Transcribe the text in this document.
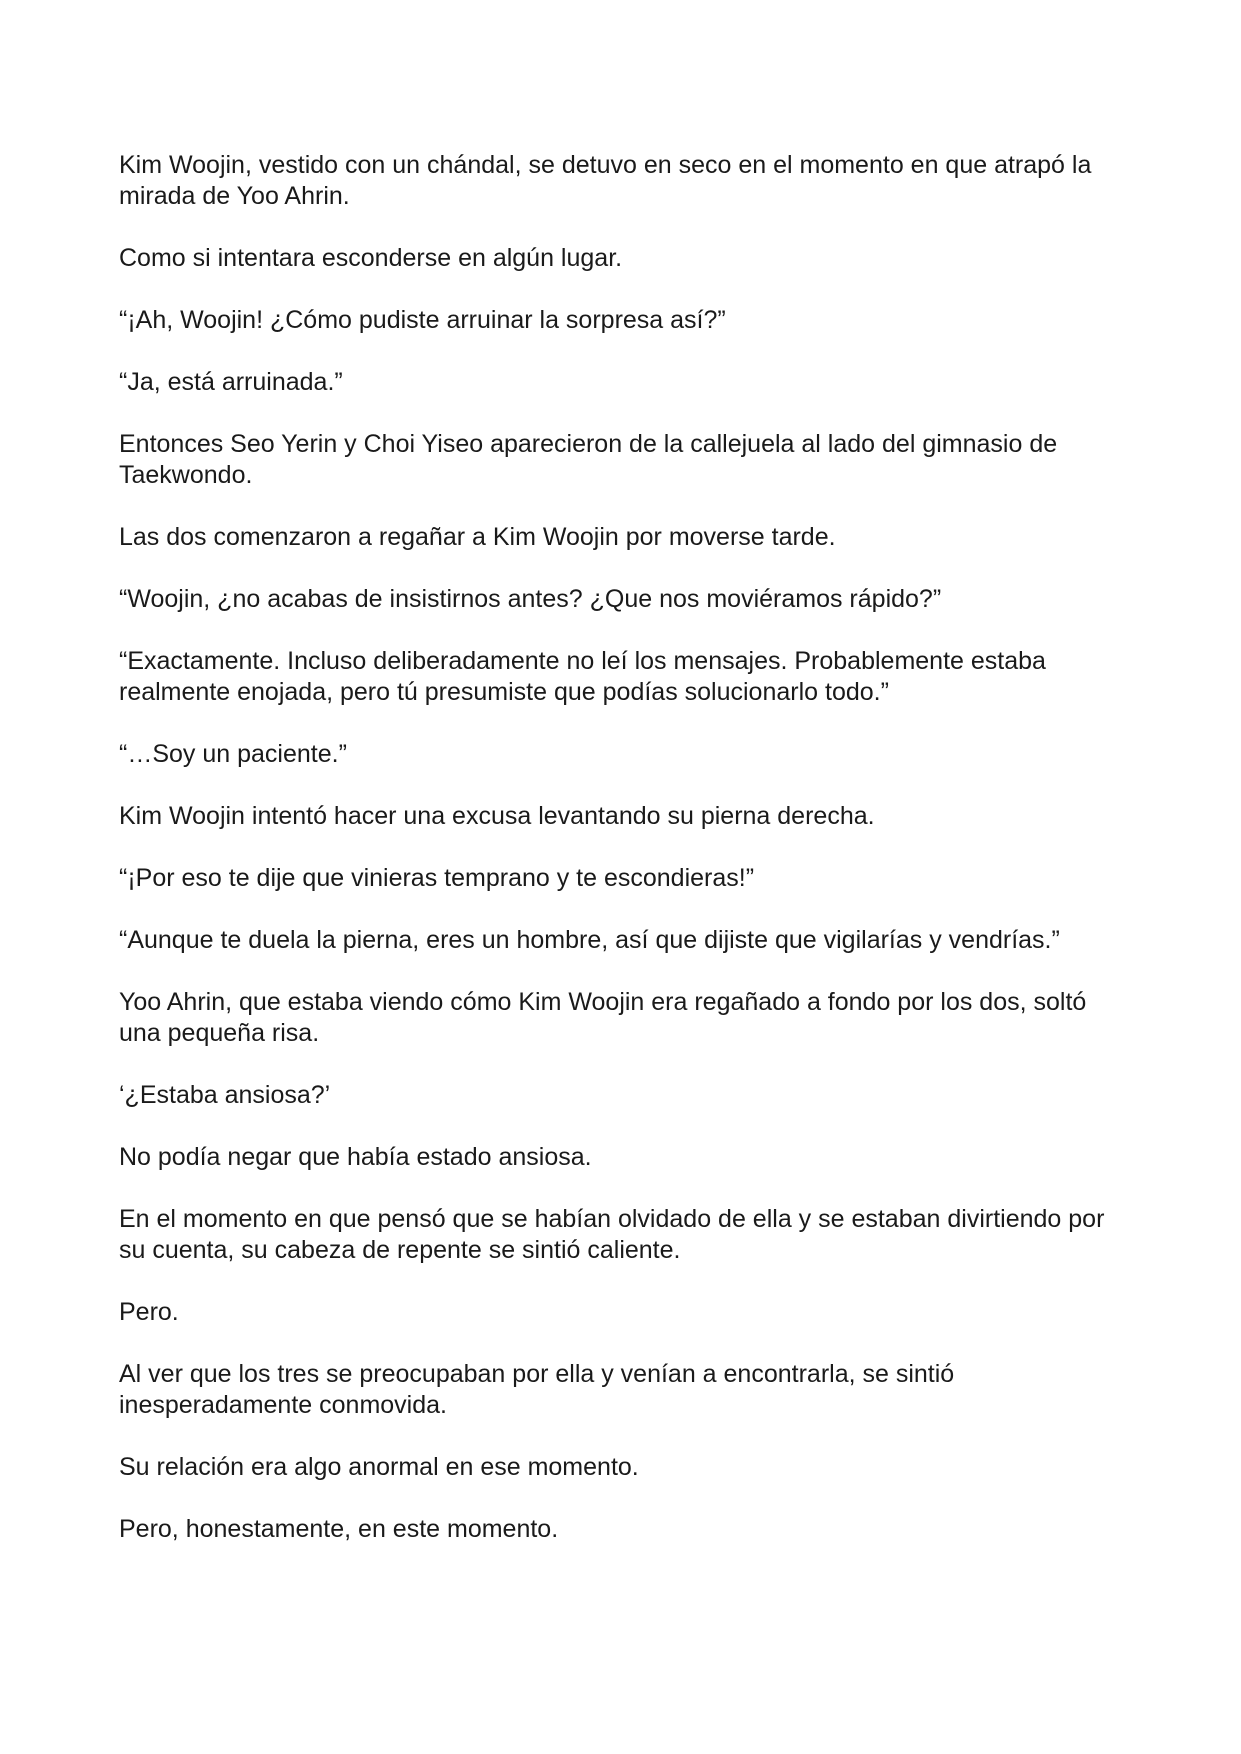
Kim Woojin, vestido con un chándal, se detuvo en seco en el momento en que atrapó la mirada de Yoo Ahrin.

Como si intentara esconderse en algún lugar.

“¡Ah, Woojin! ¿Cómo pudiste arruinar la sorpresa así?”

“Ja, está arruinada.”

Entonces Seo Yerin y Choi Yiseo aparecieron de la callejuela al lado del gimnasio de Taekwondo.

Las dos comenzaron a regañar a Kim Woojin por moverse tarde.

“Woojin, ¿no acabas de insistirnos antes? ¿Que nos moviéramos rápido?”

“Exactamente. Incluso deliberadamente no leí los mensajes. Probablemente estaba realmente enojada, pero tú presumiste que podías solucionarlo todo.”

“…Soy un paciente.”

Kim Woojin intentó hacer una excusa levantando su pierna derecha.

“¡Por eso te dije que vinieras temprano y te escondieras!”

“Aunque te duela la pierna, eres un hombre, así que dijiste que vigilarías y vendrías.”

Yoo Ahrin, que estaba viendo cómo Kim Woojin era regañado a fondo por los dos, soltó una pequeña risa.

‘¿Estaba ansiosa?’

No podía negar que había estado ansiosa.

En el momento en que pensó que se habían olvidado de ella y se estaban divirtiendo por su cuenta, su cabeza de repente se sintió caliente.

Pero.

Al ver que los tres se preocupaban por ella y venían a encontrarla, se sintió inesperadamente conmovida.

Su relación era algo anormal en ese momento.

Pero, honestamente, en este momento.
